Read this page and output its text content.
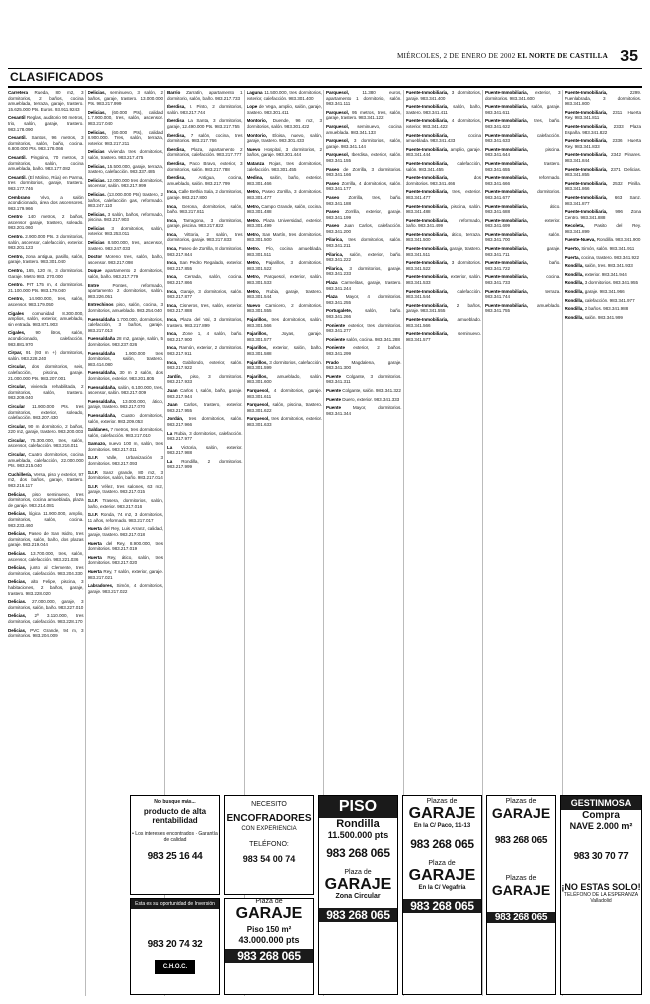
MIÉRCOLES, 2 DE ENERO DE 2002 EL NORTE DE CASTILLA 35
CLASIFICADOS

Carretera Rueda, 80 m2, 3 dormitorios, 2 baños, cocina amueblada, terraza, garaje, trastero. 15.625.000 Pts. Euros. 93.911.9243

Cesantil Reglas, auditorio 90 metros, trio, salón, garaje, trastero. 983.178.090

Cesantil. Santos, 96 metros, 3 dormitorios, salón, baño, cocina. 6.800.000 Pts. 983.178.066

Cesantil. Pingüino, 70 metros, 3 dormitorios, salón, cocina amueblada, baño. 983.177.082

Cesantil. (El Molino, Rúa) en Parma, tres dormitorios, garaje, trastero. 983.177.746

Cembrano Vivo, a salón acondicionado, área dos ascensores. 983.179.966

Centro 140 metros, 2 baños, ascensor garaje, trastero, soleado. 983.201.060

Centro. 2.900.000 Pts. 3 dormitorios, salón, ascensor, calefacción, exterior. 983.201.123

Centro, zona antigua, pasillo, salón, garaje, trastero. 983.301.040

Centro, 165, 120 m, 3 dormitorios. Garaje. Metro 983. 270.000

Centro. PIT 175 m, 4 dormitorios. 21.100.000 Pts. 983.179.040

Centro, 14.900.000, tres, salón, ascensor. 983.179.050

Cigales comunidad 8.300.000, amplios, salón, exterior, amueblado, sin entrada. 983.871.903

Cigales, 90 litros, salón, acondicionado, calefacción. 983.881.970

Cirpar, 91 (93 m +) dormitorios, salón. 983.228.240

Circular, dos dormitorios, seis, calefacción, piscina, garaje. 21.000.000 Pts. 983.207.001

Circular, vivienda rehabilitada, 2 dormitorios, salón, trastero. 983.209.040

Circular 11.900.000 Pts. tres dormitorios, exterior, soleado, calefacción. 983.207.430

Circular, 90 m dormitorio, 2 baños, 220 m2, garaje, trastero. 983.200.003

Circular, 75.300.000, tres, salón, ascensor, calefacción. 983.216.011

Circular, Cuatro dormitorios, cocina amueblada, calefacción, 22.000.000 Pts. 983.215.040

Cuchillería, Versa, piso y exterior, 97 m2, dos baños, garaje, trastero. 983.216.117

Delicias, piso seminuevo, tres dormitorios, cocina amueblada, plaza de garaje. 983.214.081

Delicias, lógica 11.900.000, amplio, dormitorios, salón, cocina. 983.233.460

Delicias, Paseo de San Isidro, tres dormitorios, salón, baño, dos plazas garaje. 983.219.044

Delicias. 13.700.000, tres, salón, ascensor, calefacción. 983.221.036

Delicias, junto al Clemente, tres dormitorios, calefacción. 983.204.330

Delicias, alto Felipe, piscina, 3 habitaciones, 2 baños, garaje, trastero. 983.228.020

Delicias. 27.000.000, garaje, 3 dormitorios, salón, baño. 983.227.010

Delicias, 2ª 3.110.000, tres dormitorios, calefacción. 983.228.170

Delicias, PVC Grande, 94 m, 3 dormitorios. 983.204.009

Delicias, seminuevo, 3 salón, 2 baños, garaje, trastero. 13.000.000 Pts. 983.217.999

Delicias, (60.000 Pts), calidad 1.7.900.000, tres, salón, ascensor. 983.217.040

Delicias, (60.000 Pts), calidad 8.900.000. Tres, salón, terraza, exterior. 983.217.211

Delicias vivienda tres dormitorios, salón, trastero. 983.217.475

Delicias, 15.500.000, garaje, terraza, trastero, calefacción. 983.337.485

Delicias. 12.000.000 tres dormitorios, ascensor, salón. 983.217.999

Delicias. (13.000.000 Pts) trastero, 2 baños, calefacción gas, reformado. 983.247.110

Delicias, 3 salón, baños, reformado, piscina. 983.217.903

Delicias 3 dormitorios, salón, exterior. 983.253.011

Delicias 8.500.000, tres, ascensor, trastero. 983.247.033

Doctor Moreno tres, salón, baño, ascensor. 983.217.098

Duque apartamento 2 dormitorios, salón, baño. 983.217.779

Entre	Pontes, reformado, apartamento 2 dormitorios, salón. 983.226.051

Entrechinos piso, salón, cocina, 3 dormitorios, amueblado. 983.254.040

Fuensaldaña 1.700.000, dormitorios, calefacción, 3 baños, garaje. 983.217.013

Fuensaldaña 28 m2, garaje, salón, 5 dormitorios. 983.237.026

Fuensaldaña 1.900.000 tres dormitorios, salón, trastero. 983.414.080

Fuensaldaña, 30 m 2 salón, dos dormitorios, exterior. 983.201.805

Fuensaldaña, salón, 6.100.000, tres, ascensor, salón. 983.217.009

Fuensaldaña, 13.000.000, ático, garaje, trastero. 983.217.070

Fuensaldaña, Cuatro dormitorios, salón, exterior. 983.209.053

Galdanes, 7 metros, tres dormitorios, salón, calefacción. 983.217.010

Gamazo, nuevo 100 m, salón, tres dormitorios. 983.217.011

G.I.F. Valle, Urbanización 3 dormitorios. 983.217.093

G.I.F. Sanz grande, 80 m2, 3 dormitorios, salón, baño. 983.217.014

G.I.F. Vélez, tres salones, 63 m2, garaje, trastero. 983.217.015

G.I.F. Trasera, dormitorios, salón, baño, exterior. 983.217.016

G.I.F. Ronda, 74 m2, 3 dormitorios, 11 años, reformado. 983.217.017

Huerta del Rey, Luis Arranz, calidad, garaje, trastero. 983.217.018

Huerta del Rey, 8.900.000, tres dormitorios. 983.217.019

Huerta Rey, ático, salón, tres dormitorios. 983.217.020

Huerta Rey, 7 salón, exterior, garaje. 983.217.021

Labradores, Simón, 4 dormitorios, garaje. 983.217.022

Barrio Zarratín, apartamento 1 dormitorio, salón, baño. 983.217.733

Iberdisa, I. Pinto, 2 dormitorios, salón. 983.217.744

Iberdisa La Santa, 3 dormitorios, garaje, 12.490.000 Pts. 983.217.755

Iberdisa, 7 salón, cocina, tres dormitorios. 983.217.766

Iberdisa, Plaza, apartamento 2 dormitorios, calefacción. 983.217.777

Iberdisa, Paco Bravo, exterior, 3 dormitorios, salón. 983.217.788

Iberdisa,	Antigua, cocina, amueblado, salón. 983.217.799

Inca, Calle Bethia Sala, 2 dormitorios, garaje. 983.217.800

Inca, Gerona, dormitorios, salón, baño. 983.217.811

Inca, Tarragona, 3 dormitorios, garaje, piscina. 983.217.822

Inca, Vittoria, 2 salón, tres dormitorios, garaje. 983.217.833

Inca, Paseo de Zorrilla, 8 dormitorios. 983.217.844

Inca, San Pedro Regalado, exterior. 983.217.855

Inca, Cerrada, salón, cocina. 983.217.866

Inca, Garaje, 3 dormitorios, salón. 983.217.877

Inca, Cisneros, tres, salón, exterior. 983.217.888

Inca, Plaza del Val, 3 dormitorios, trastero. 983.217.899

Inca, Zone 1, 4 salón, baño. 983.217.900

Inca, Ramón, exterior, 2 dormitorios. 983.217.911

Inca, Gabilondo, exterior, salón. 983.217.922

Jardín, piso, 3 dormitorios. 983.217.933

Juan Carlos I, salón, baño, garaje. 983.217.944

Juan Carlos, trastero, exterior. 983.217.955

Jordán, tres dormitorios, salón. 983.217.966

La Rubia, 3 dormitorios, calefacción. 983.217.977

La Victoria, salón, exterior. 983.217.988

La Rondilla, 2 dormitorios. 983.217.999

Laguna 11.500.000, tres dormitorios, exterior, calefacción. 983.301.400

Lope de Vega, amplio, salón, garaje, trastero. 983.301.411

Montorio, Duende, 96 m2, 3 dormitorios, salón. 983.301.422

Montorio, Eloisa, nuevo, salón, garaje, trastero. 983.301.433

Nuevo Hospital, 3 dormitorios, 2 baños, garaje. 983.301.444

Matanza Rojas, tres dormitorios, calefacción. 983.301.455

Medina, salón, baño, exterior. 983.301.466

Metro, Paseo Zorrilla, 3 dormitorios. 983.301.477

Metro, Campo Grande, salón, cocina. 983.301.488

Metro. Plaza Universidad, exterior. 983.301.499

Metro, San Martín, tres dormitorios. 983.301.500

Metro. Pío, cocina amueblada. 983.301.511

Metro, Pajarillos, 3 dormitorios. 983.301.522

Metro, Parquesol, exterior, salón. 983.301.533

Metro, Rubia, garaje, trastero. 983.301.544

Nuevo Carnicero, 2 dormitorios. 983.301.555

Pajarillos, tres dormitorios, salón. 983.301.566

Pajarillos,	Joyas, garaje. 983.301.577

Pajarillos, exterior, salón, baño. 983.301.588

Pajarillos, 3 dormitorios, calefacción. 983.301.599

Pajarillos, amueblado, salón. 983.301.600

Parquesol, 4 dormitorios, garaje. 983.301.611

Parquesol, salón, piscina, trastero. 983.301.622

Parquesol, tres dormitorios, exterior. 983.301.633

Parquesol,	11.380 euros, apartamento 1 dormitorio, salón. 983.341.111

Parquesol, 95 metros, tres, salón, garaje, trastero. 983.341.122

Parquesol, seminuevo, cocina amueblada. 983.341.133

Parquesol, 3 dormitorios, salón, garaje. 983.341.144

Parquesol, Iberdisa, exterior, salón. 983.341.155

Paseo de Zorrilla, 3 dormitorios. 983.341.166

Paseo Zorrilla, 4 dormitorios, salón. 983.341.177

Paseo Zorrilla, tres, baño. 983.341.188

Paseo Zorrilla, exterior, garaje. 983.341.199

Paseo Juan Carlos, calefacción. 983.341.200

Pilarica, tres dormitorios, salón. 983.341.211

Pilarica, salón, exterior, baño. 983.341.222

Pilarica, 3 dormitorios, garaje. 983.341.233

Plaza Carmelitas, garaje, trastero. 983.341.244

Plaza Mayor, 4 dormitorios. 983.341.255

Portugalete,	salón, baño. 983.341.266

Poniente exterior, tres dormitorios. 983.341.277

Poniente salón, cocina. 983.341.288

Poniente exterior, 2 baños. 983.341.299

Prado	Magdalena, garaje. 983.341.300

Puente Colgante, 3 dormitorios. 983.341.311

Puente Colgante, salón. 983.341.322

Puente Duero, exterior. 983.341.333

Puente	Mayor, dormitorios. 983.341.344

Puente-Inmobiliaria, 3 dormitorios, garaje. 983.341.400

Puente-Inmobiliaria, salón, baño, trastero. 983.341.411

Puente-Inmobiliaria, 4 dormitorios, exterior. 983.341.422

Puente-Inmobiliaria,	cocina amueblada. 983.341.433

Puente-Inmobiliaria, amplio, garaje. 983.341.444

Puente-Inmobiliaria, calefacción, salón. 983.341.455

Puente-Inmobiliaria,	dos dormitorios. 983.341.466

Puente-Inmobiliaria, tres, exterior. 983.341.477

Puente-Inmobiliaria, piscina, salón. 983.341.488

Puente-Inmobiliaria, reformado, baño. 983.341.499

Puente-Inmobiliaria, ático, terraza. 983.341.500

Puente-Inmobiliaria, garaje, trastero. 983.341.511

Puente-Inmobiliaria, 3 dormitorios. 983.341.522

Puente-Inmobiliaria, exterior, salón. 983.341.533

Puente-Inmobiliaria, calefacción. 983.341.544

Puente-Inmobiliaria, 2 baños, garaje. 983.341.555

Puente-Inmobiliaria, amueblado. 983.341.566

Puente-Inmobiliaria, seminuevo. 983.341.577

Puente-Inmobiliaria, exterior, 3 dormitorios. 983.341.600

Puente-Inmobiliaria, salón, garaje. 983.341.611

Puente-Inmobiliaria, tres, baño. 983.341.622

Puente-Inmobiliaria, calefacción. 983.341.633

Puente-Inmobiliaria,	piscina. 983.341.644

Puente-Inmobiliaria,	trastero. 983.341.655

Puente-Inmobiliaria, reformado. 983.341.666

Puente-Inmobiliaria, dormitorios. 983.341.677

Puente-Inmobiliaria,	ático. 983.341.688

Puente-Inmobiliaria,	exterior. 983.341.699

Puente-Inmobiliaria,	salón. 983.341.700

Puente-Inmobiliaria,	garaje. 983.341.711

Puente-Inmobiliaria,	baño. 983.341.722

Puente-Inmobiliaria,	cocina. 983.341.733

Puente-Inmobiliaria,	terraza. 983.341.744

Puente-Inmobiliaria, amueblado. 983.341.755

Puente-Inmobiliaria,	2299. Fuenlabrada, 3 dormitorios. 983.341.800

Puente-Inmobiliaria, 2311 Huerta Rey. 983.341.811

Puente-Inmobiliaria, 2333 Plaza España. 983.341.822

Puente-Inmobiliaria, 2336 Huerta Rey. 983.341.833

Puente-Inmobiliaria, 2342 Pinares. 983.341.844

Puente-Inmobiliaria, 2371 Delicias. 983.341.855

Puente-Inmobiliaria, 2532 Pinilla. 983.341.866

Puente-Inmobiliaria, 663 Sanz. 983.341.877

Puente-Inmobiliaria, 996 Zona Centro. 983.341.888

Recoleta, Pasito del Rey. 983.341.899

Fuente-Nueva, Rondilla. 983.341.900

Puerto, Simón, salón. 983.341.911

Puerta, cocina, trastero. 983.341.922

Rondilla, salón, tres. 983.341.933

Rondilla, exterior. 983.341.944

Rondilla, 3 dormitorios. 983.341.955

Rondilla, garaje. 983.341.966

Rondilla, calefacción. 983.341.977

Rondilla, 2 baños. 983.341.988

Rondilla, salón. 983.341.999

No busque más...
producto de alta rentabilidad
• Los intereses encontrados · Garantía de calidad
983 25 16 44
Esta es su oportunidad de Inversión
983 20 74 32
C.H.O.C.
NECESITO
ENCOFRADORES
CON EXPERIENCIA
TELÉFONO:
983 54 00 74
Plaza de
GARAJE
Piso 150 m²
43.000.000 pts
983 268 065
PISO
Rondilla
11.500.000 pts
983 268 065
Plaza de
GARAJE
Zona Circular
983 268 065
Plazas de
GARAJE
En la C/ Paco, 11-13
983 268 065
Plaza de
GARAJE
En la C/ Vegafría
983 268 065
Plazas de
GARAJE
983 268 065
Plazas de
GARAJE
983 268 065
GESTINMOSA
Compra
NAVE 2.000 m²
983 30 70 77
¡NO ESTAS SOLO!
TELÉFONO DE LA ESPERANZA
Valladolid
